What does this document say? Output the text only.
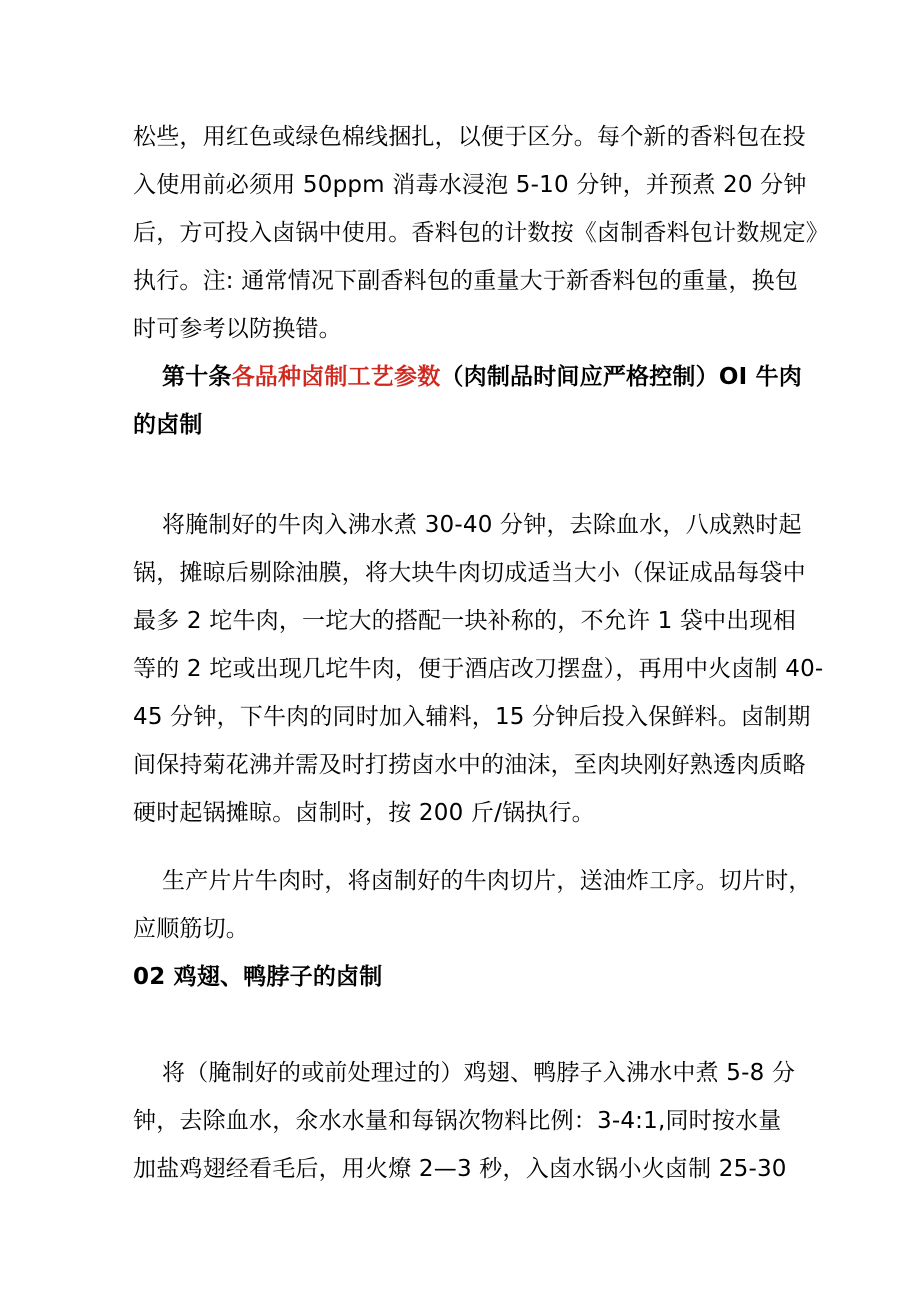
松些，用红色或绿色棉线捆扎，以便于区分。每个新的香料包在投
入使用前必须用 50ppm 消毒水浸泡 5-10 分钟，并预煮 20 分钟
后，方可投入卤锅中使用。香料包的计数按《卤制香料包计数规定》
执行。注: 通常情况下副香料包的重量大于新香料包的重量，换包
时可参考以防换错。
第十条各品种卤制工艺参数（肉制品时间应严格控制）OI 牛肉
的卤制
将腌制好的牛肉入沸水煮 30-40 分钟，去除血水，八成熟时起
锅，摊晾后剔除油膜，将大块牛肉切成适当大小（保证成品每袋中
最多 2 坨牛肉，一坨大的搭配一块补称的，不允许 1 袋中出现相
等的 2 坨或出现几坨牛肉，便于酒店改刀摆盘），再用中火卤制 40-
45 分钟，下牛肉的同时加入辅料，15 分钟后投入保鲜料。卤制期
间保持菊花沸并需及时打捞卤水中的油沫，至肉块刚好熟透肉质略
硬时起锅摊晾。卤制时，按 200 斤/锅执行。
生产片片牛肉时，将卤制好的牛肉切片，送油炸工序。切片时，
应顺筋切。
02 鸡翅、鸭脖子的卤制
将（腌制好的或前处理过的）鸡翅、鸭脖子入沸水中煮 5-8 分
钟，去除血水，氽水水量和每锅次物料比例：3-4:1,同时按水量
加盐鸡翅经看毛后，用火燎 2—3 秒，入卤水锅小火卤制 25-30
